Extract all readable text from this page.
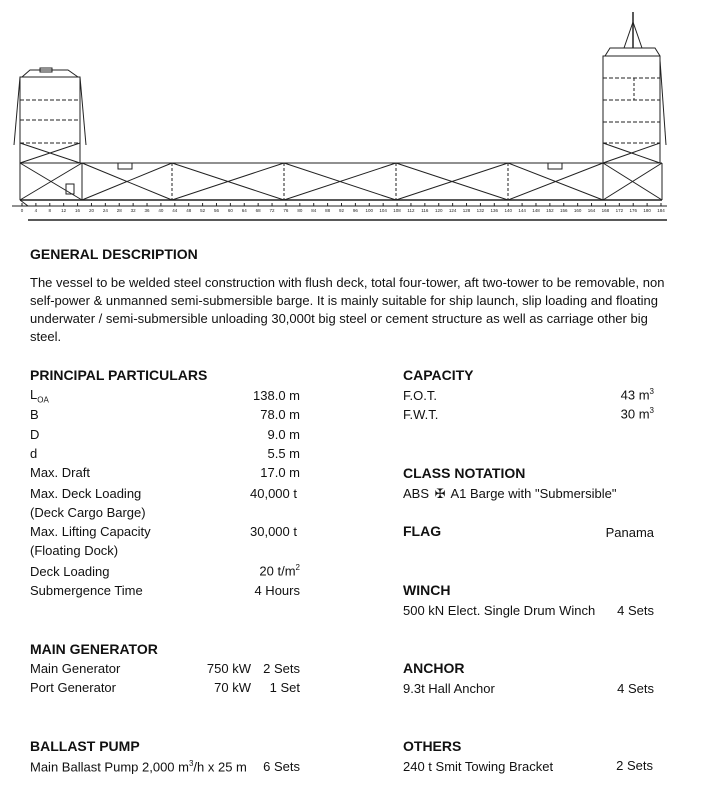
0	4	8 12 16 20 24 28 32 36 40 44 48 52 56 60 64 68 72 76 80 84 88 92 96 100 104 108 112 116 120 124 128 132 136 140 144 148 152 156 160 164 168 172 176 180 184
GENERAL DESCRIPTION
The vessel to be welded steel construction with flush deck, total four-tower, aft two-tower to be removable, non self-power & unmanned semi-submersible barge. It is mainly suitable for ship launch, slip loading and floating underwater / semi-submersible unloading 30,000t big steel or cement structure as well as carriage other big steel.
PRINCIPAL PARTICULARS
$L_{OA}$	138.0 m
B	78.0 m
D	9.0 m
d	5.5 m
Max. Draft	17.0 m
Max. Deck Loading	40,000 t
(Deck Cargo Barge)
Max. Lifting Capacity	30,000 t
(Floating Dock)
Deck Loading	20 $t/m^2$
Submergence Time	4 Hours
CAPACITY
F.O.T.	43 $m^3$
F.W.T.	30 $m^3$
CLASS NOTATION
ABS ✠ A1 Barge with "Submersible"
FLAG	Panama
WINCH
500 kN Elect. Single Drum Winch	4 Sets
MAIN GENERATOR
Main Generator	750 kW 2 Sets
Port Generator	70 kW	1 Set
ANCHOR
9.3t Hall Anchor	4 Sets
BALLAST PUMP
Main Ballast Pump 2,000 $m^3/h$ x 25 m	6 Sets
OTHERS
240 t Smit Towing Bracket	2 Sets
